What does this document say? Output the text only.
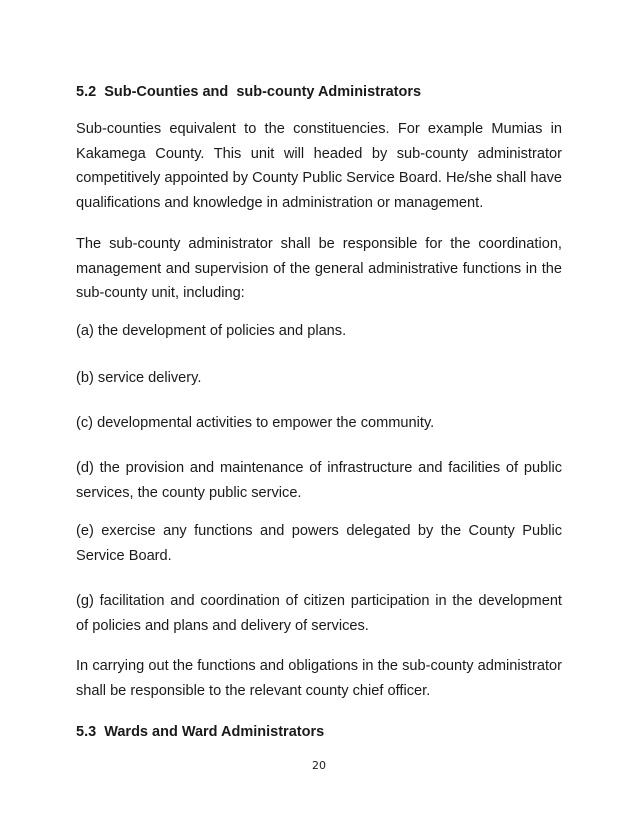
5.2  Sub-Counties and  sub-county Administrators

Sub-counties equivalent to the constituencies. For example Mumias in Kakamega County. This unit will headed by sub-county administrator competitively appointed by County Public Service Board. He/she shall have qualifications and knowledge in administration or management.

The sub-county administrator shall be responsible for the coordination, management and supervision of the general administrative functions in the sub-county unit, including:

(a) the development of policies and plans.

(b) service delivery.

(c) developmental activities to empower the community.

(d) the provision and maintenance of infrastructure and facilities of public services, the county public service.

(e) exercise any functions and powers delegated by the County Public Service Board.

(g) facilitation and coordination of citizen participation in the development of policies and plans and delivery of services.

In carrying out the functions and obligations in the sub-county administrator shall be responsible to the relevant county chief officer.

5.3  Wards and Ward Administrators
20
